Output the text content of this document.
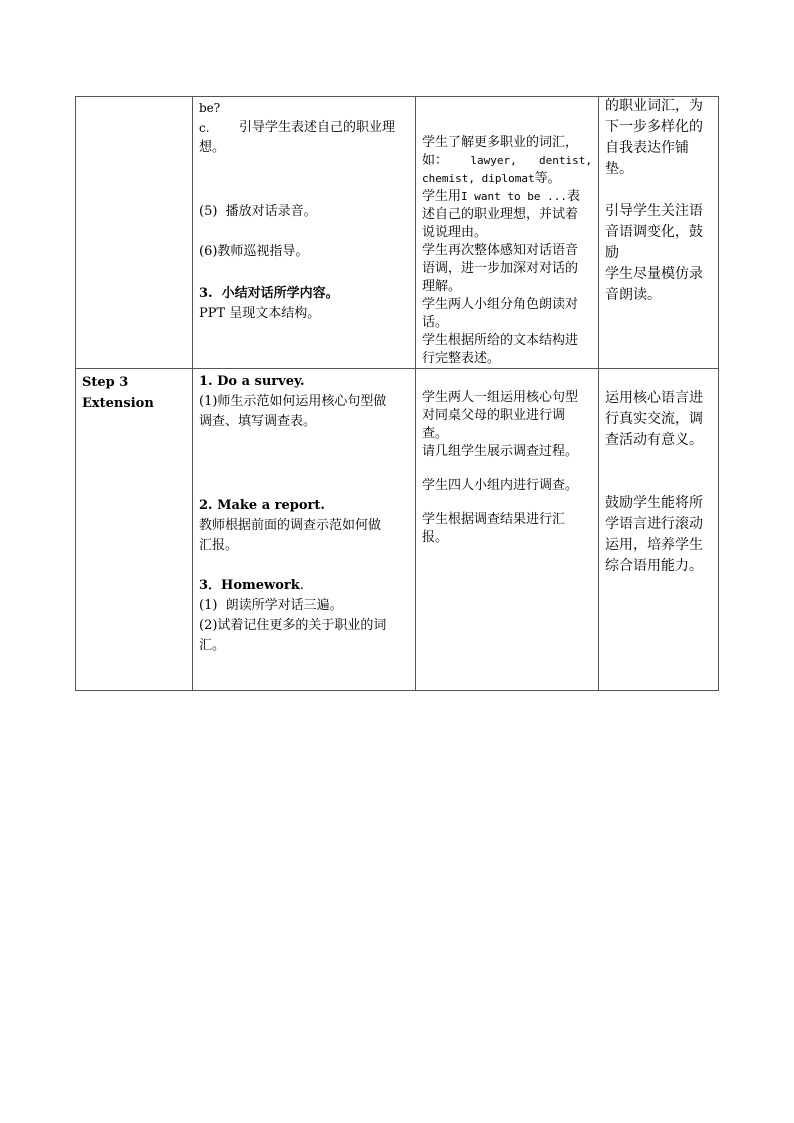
be?
c. 引导学生表述自己的职业理
想。
(5)  播放对话录音。
(6)教师巡视指导。
3.  小结对话所学内容。
PPT 呈现文本结构。
学生了解更多职业的词汇，
如： lawyer, dentist,
chemist, diplomat等。
学生用I want to be ...表
述自己的职业理想，并试着
说说理由。
学生再次整体感知对话语音
语调，进一步加深对对话的
理解。
学生两人小组分角色朗读对
话。
学生根据所给的文本结构进
行完整表述。
的职业词汇，为
下一步多样化的
自我表达作铺
垫。
引导学生关注语
音语调变化，鼓
励
学生尽量模仿录
音朗读。
Step 3
Extension
1. Do a survey.
(1)师生示范如何运用核心句型做
调查、填写调查表。
2. Make a report.
教师根据前面的调查示范如何做
汇报。
3．Homework.
(1)  朗读所学对话三遍。
(2)试着记住更多的关于职业的词
汇。
学生两人一组运用核心句型
对同桌父母的职业进行调
查。
请几组学生展示调查过程。
学生四人小组内进行调查。
学生根据调查结果进行汇
报。
运用核心语言进
行真实交流，调
查活动有意义。
鼓励学生能将所
学语言进行滚动
运用，培养学生
综合语用能力。
